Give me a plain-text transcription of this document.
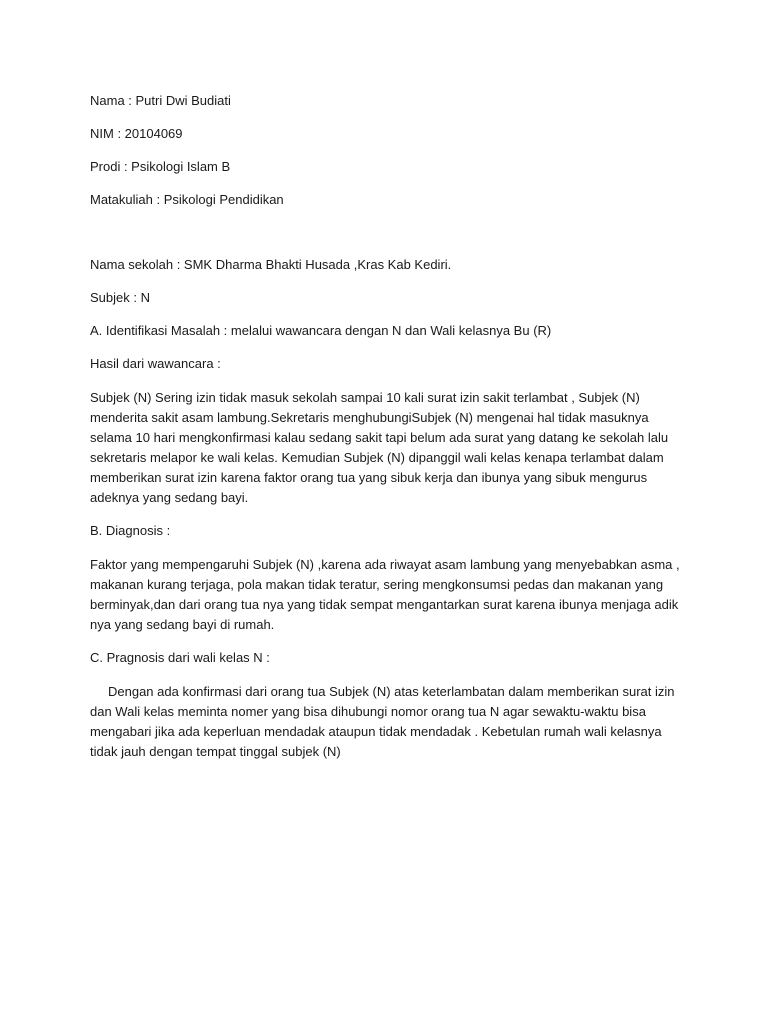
Nama : Putri Dwi Budiati
NIM : 20104069
Prodi : Psikologi Islam B
Matakuliah : Psikologi Pendidikan
Nama sekolah : SMK Dharma Bhakti Husada ,Kras Kab Kediri.
Subjek : N
A. Identifikasi Masalah : melalui wawancara dengan N dan Wali kelasnya Bu (R)
Hasil dari wawancara :

Subjek (N) Sering izin tidak masuk sekolah sampai 10 kali surat izin sakit terlambat , Subjek (N) menderita sakit asam lambung.Sekretaris menghubungiSubjek (N) mengenai hal tidak masuknya selama 10 hari mengkonfirmasi kalau sedang sakit tapi belum ada surat yang datang ke sekolah lalu sekretaris melapor ke wali kelas. Kemudian Subjek (N) dipanggil wali kelas kenapa terlambat dalam memberikan surat izin karena faktor orang tua yang sibuk kerja dan ibunya yang sibuk mengurus adeknya yang sedang bayi.

B. Diagnosis :

Faktor yang mempengaruhi Subjek (N) ,karena ada riwayat asam lambung yang menyebabkan asma , makanan kurang terjaga, pola makan tidak teratur, sering mengkonsumsi pedas dan makanan yang berminyak,dan dari orang tua nya yang tidak sempat mengantarkan surat karena ibunya menjaga adik nya yang sedang bayi di rumah.

C. Pragnosis dari wali kelas N :

Dengan ada konfirmasi dari orang tua Subjek (N) atas keterlambatan dalam memberikan surat izin dan Wali kelas meminta nomer yang bisa dihubungi nomor orang tua N agar sewaktu-waktu bisa mengabari jika ada keperluan mendadak ataupun tidak mendadak . Kebetulan rumah wali kelasnya tidak jauh dengan tempat tinggal subjek (N)
